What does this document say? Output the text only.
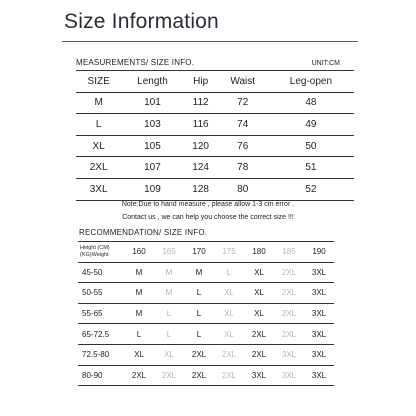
Size Information
MEASUREMENTS/ SIZE INFO.	UNIT:CM
SIZE	Length	Hip	Waist	Leg-open
M	101	112	72	48
L	103	116	74	49
XL	105	120	76	50
2XL	107	124	78	51
3XL	109	128	80	52
Note:Due to hand measure , please allow 1-3 cm error .
Contact us , we can help you choose the correct size !!!
RECOMMENDATION/ SIZE INFO.
Height (CM)
(KG)Weight	160	165	170	175	180	185	190
45-50	M	M	M	L	XL	2XL	3XL
50-55	M	M	L	XL	XL	2XL	3XL
55-65	M	L	L	XL	XL	2XL	3XL
65-72.5	L	L	L	XL	2XL	2XL	3XL
72.5-80	XL	XL	2XL	2XL	2XL	3XL	3XL
80-90	2XL	2XL	2XL	2XL	3XL	3XL	3XL
